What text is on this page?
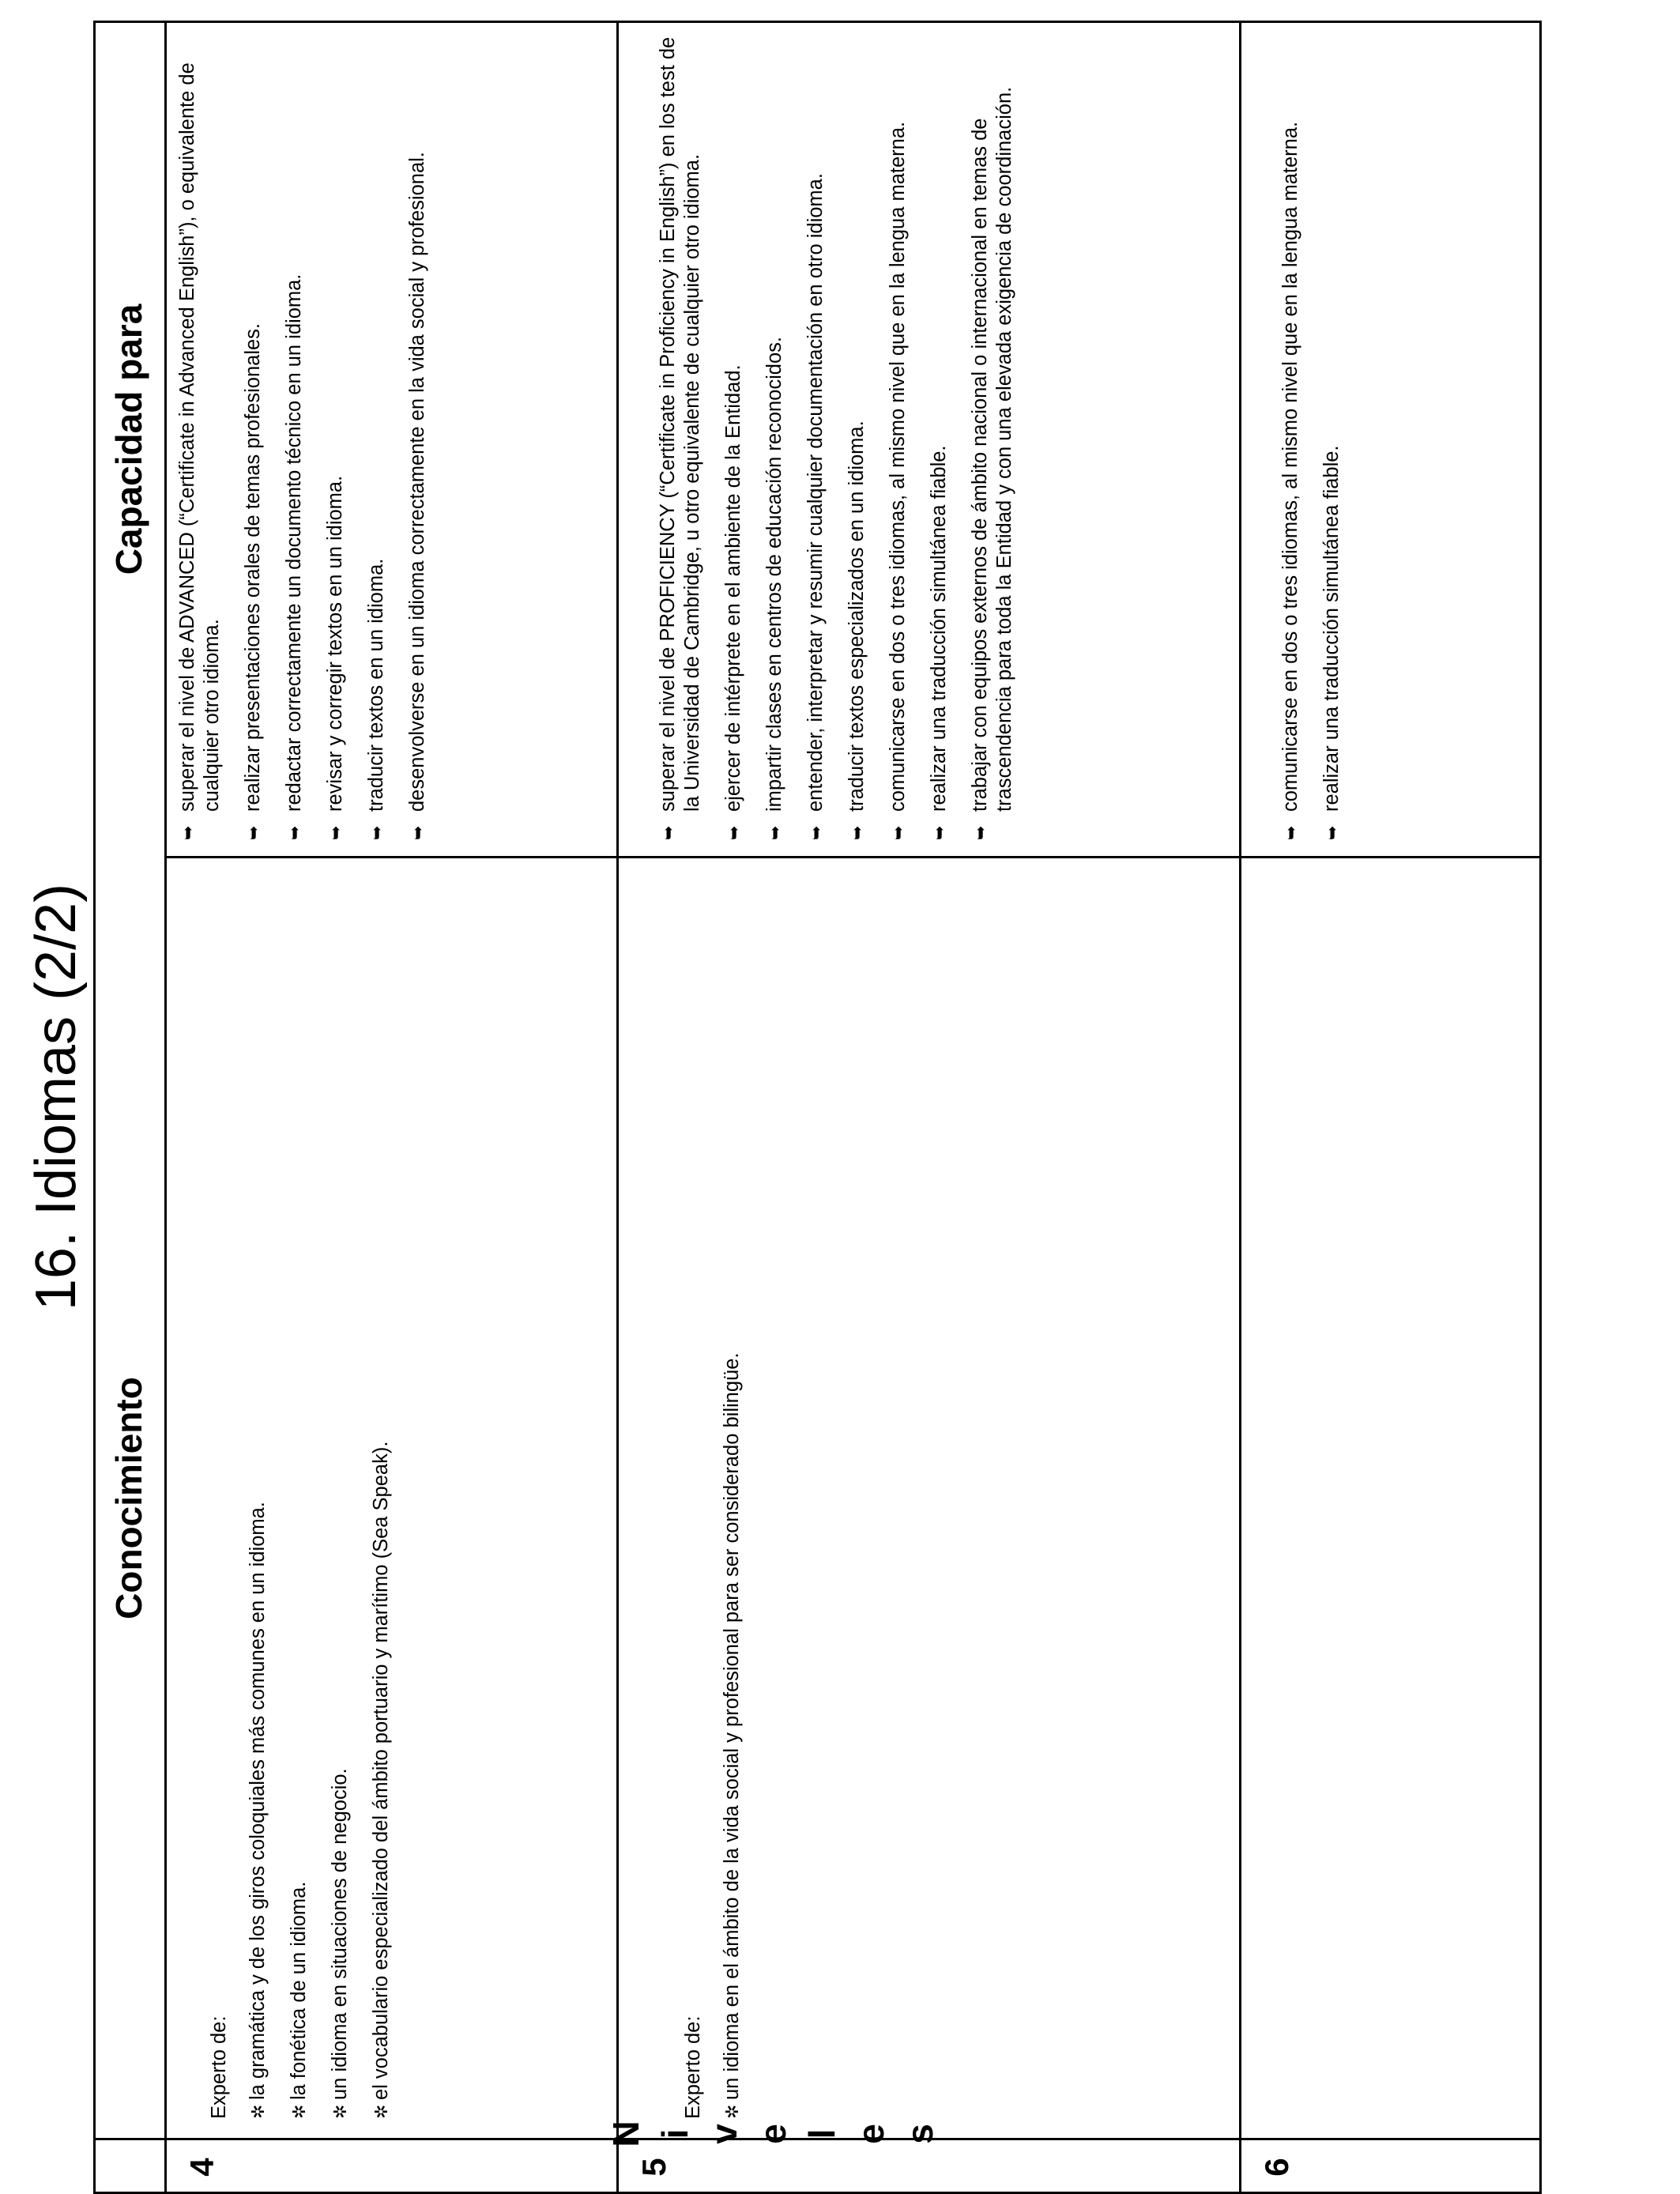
16. Idiomas (2/2)
Conocimiento
Capacidad para
4	5	6

Experto de: ✲
la gramática y de los giros coloquiales más comunes en un idioma.
✲
la fonética de un idioma.
✲
un idioma en situaciones de negocio.
✲
el vocabulario especializado del ámbito portuario y marítimo (Sea Speak).
➥
superar el nivel de ADVANCED (“Certificate in Advanced English”), o equivalente de cualquier otro idioma.
➥
realizar presentaciones orales de temas profesionales.
➥
redactar correctamente un documento técnico en un idioma.
➥
revisar y corregir textos en un idioma.
➥
traducir textos en un idioma.
➥
desenvolverse en un idioma correctamente en la vida social y profesional.

Experto de: ✲
un idioma en el ámbito de la vida social y profesional para ser considerado bilingüe.
➥
superar el nivel de PROFICIENCY (“Certificate in Proficiency in English”) en los test de la Universidad de Cambridge, u otro equivalente de cualquier otro idioma.
➥
ejercer de intérprete en el ambiente de la Entidad.
➥
impartir clases en centros de educación reconocidos.
➥
entender, interpretar y resumir cualquier documentación en otro idioma.
➥
traducir textos especializados en un idioma.
➥
comunicarse en dos o tres idiomas, al mismo nivel que en la lengua materna.
➥
realizar una traducción simultánea fiable.
➥
trabajar con equipos externos de ámbito nacional o internacional en temas de trascendencia para toda la Entidad y con una elevada exigencia de coordinación.
➥
comunicarse en dos o tres idiomas, al mismo nivel que en la lengua materna.
➥
realizar una traducción simultánea fiable.
N i v e l e s
